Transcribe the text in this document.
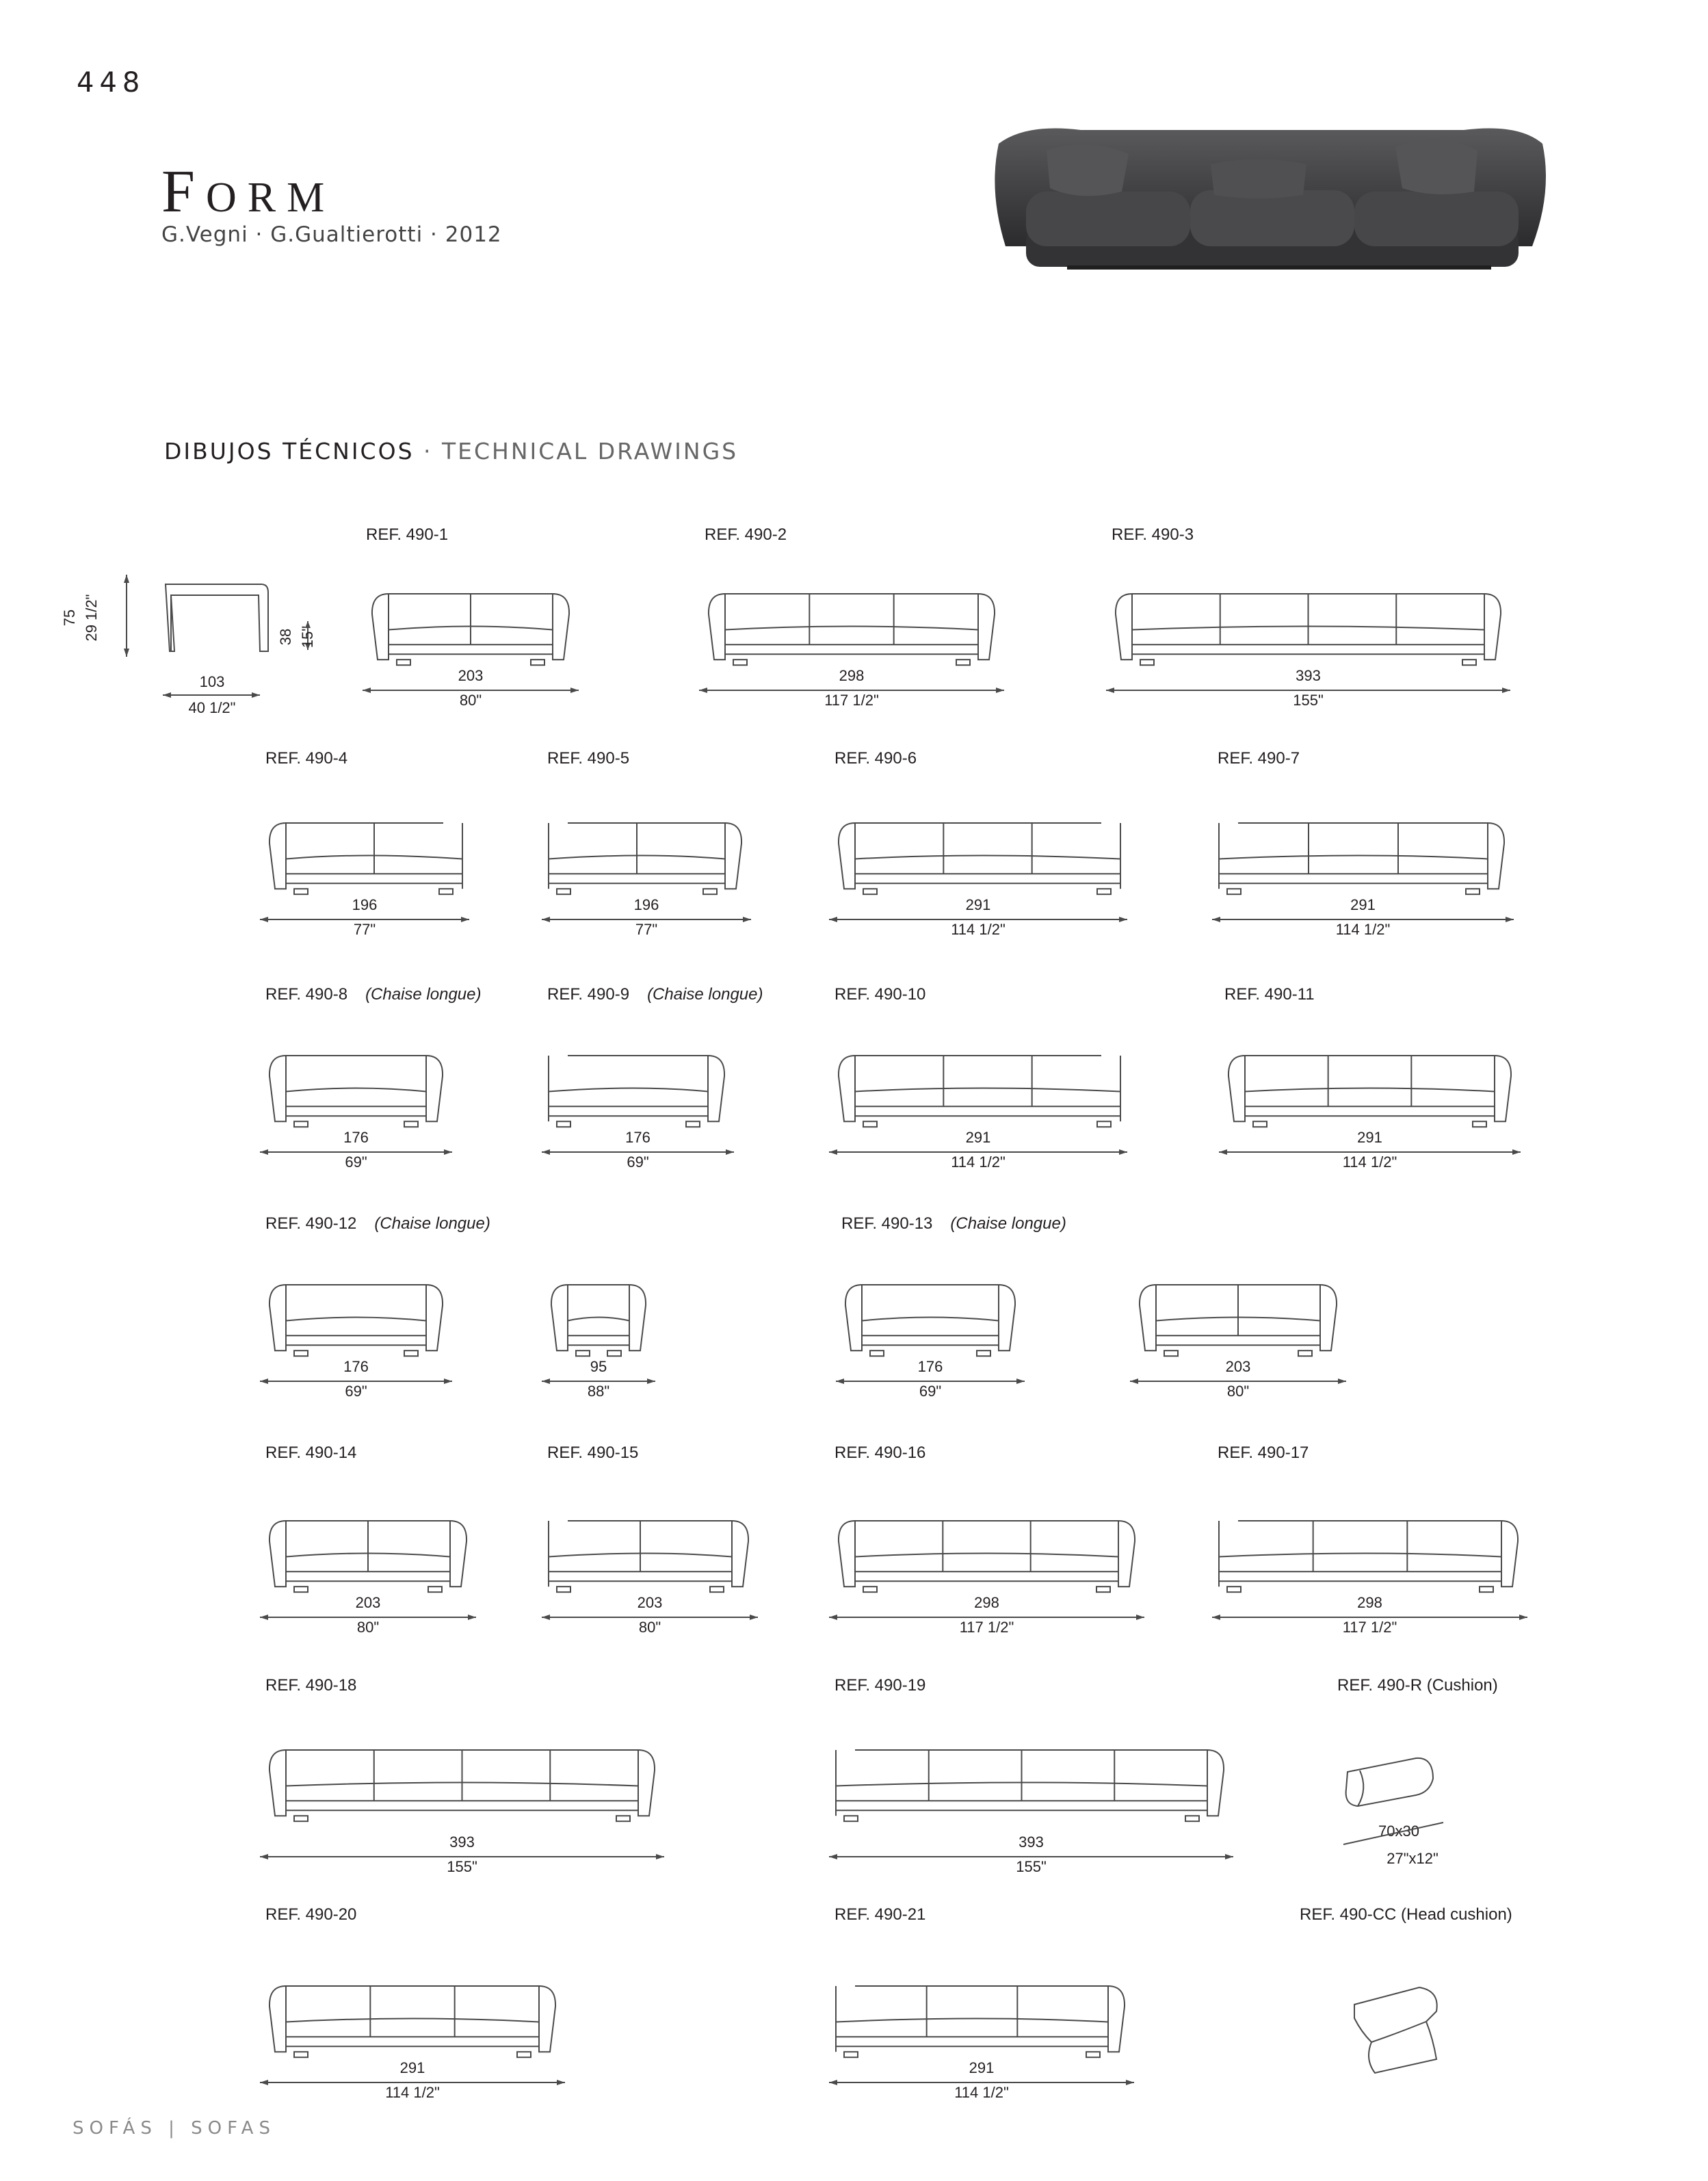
448
Form
G.Vegni · G.Gualtierotti · 2012
DIBUJOS TÉCNICOS · TECHNICAL DRAWINGS
75 29 1/2"	38 15"
103
40 1/2"
REF. 490-1
203
80"
REF. 490-2
298
117 1/2"
REF. 490-3
393
155"
REF. 490-4
196
77"
REF. 490-5
196
77"
REF. 490-6
291
114 1/2"
REF. 490-7
291
114 1/2"
REF. 490-8 (Chaise longue)
176
69"
REF. 490-9 (Chaise longue)
176
69"
REF. 490-10
291
114 1/2"
REF. 490-11
291
114 1/2"
REF. 490-12 (Chaise longue)
176
69"
95
88"
REF. 490-13 (Chaise longue)
176
69"
203
80"
REF. 490-14
203
80"
REF. 490-15
203
80"
REF. 490-16
298
117 1/2"
REF. 490-17
298
117 1/2"
REF. 490-18
393
155"
REF. 490-19
393
155"
REF. 490-20
291
114 1/2"
REF. 490-21
291
114 1/2"
REF. 490-R (Cushion)
70x30
27"x12"
REF. 490-CC (Head cushion)
SOFÁS | SOFAS
